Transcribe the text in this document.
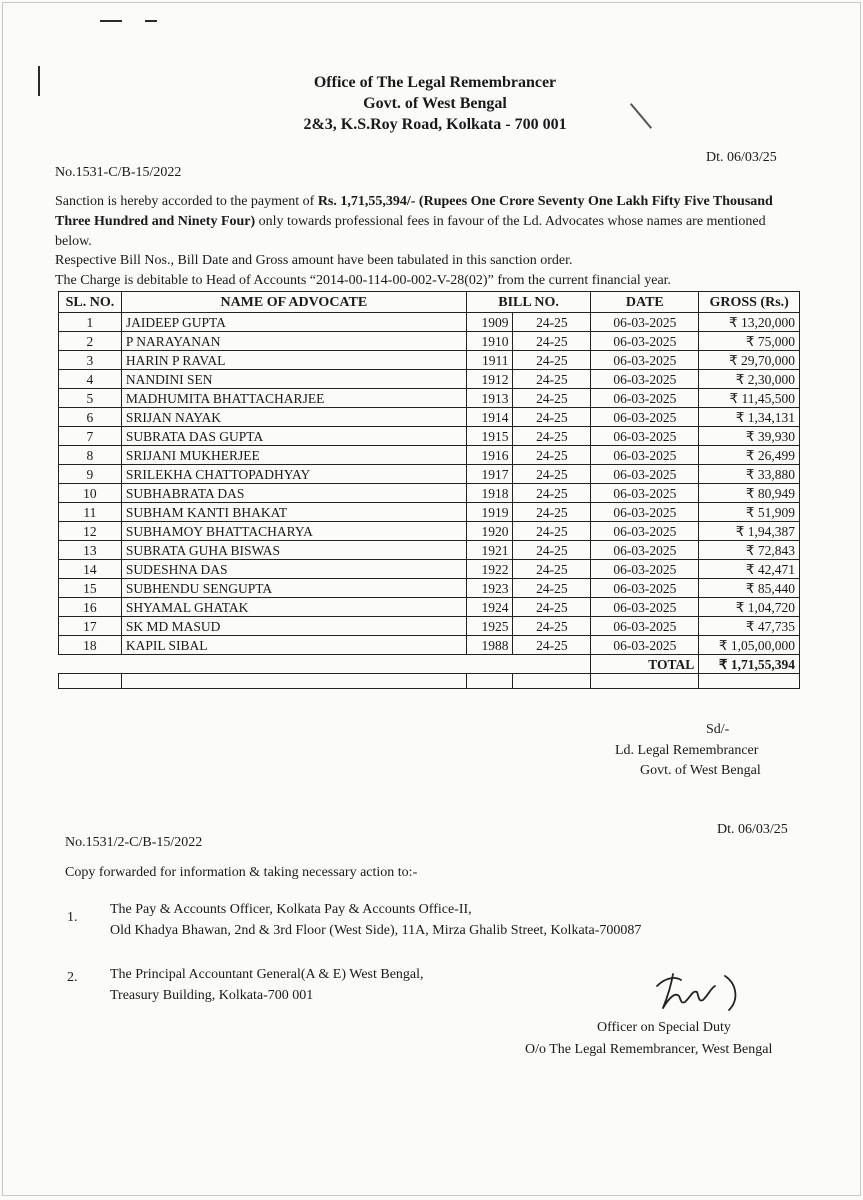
Office of The Legal Remembrancer
Govt. of West Bengal
2&3, K.S.Roy Road, Kolkata - 700 001
No.1531-C/B-15/2022
Dt. 06/03/25
Sanction is hereby accorded to the payment of Rs. 1,71,55,394/- (Rupees One Crore Seventy One Lakh Fifty Five Thousand Three Hundred and Ninety Four) only towards professional fees in favour of the Ld. Advocates whose names are mentioned below.
Respective Bill Nos., Bill Date and Gross amount have been tabulated in this sanction order.
The Charge is debitable to Head of Accounts “2014-00-114-00-002-V-28(02)” from the current financial year.
SL. NO.	NAME OF ADVOCATE	BILL NO.		DATE	GROSS (Rs.)
1	JAIDEEP GUPTA	1909	24-25	06-03-2025	₹ 13,20,000
2	P NARAYANAN	1910	24-25	06-03-2025	₹ 75,000
3	HARIN P RAVAL	1911	24-25	06-03-2025	₹ 29,70,000
4	NANDINI SEN	1912	24-25	06-03-2025	₹ 2,30,000
5	MADHUMITA BHATTACHARJEE	1913	24-25	06-03-2025	₹ 11,45,500
6	SRIJAN NAYAK	1914	24-25	06-03-2025	₹ 1,34,131
7	SUBRATA DAS GUPTA	1915	24-25	06-03-2025	₹ 39,930
8	SRIJANI MUKHERJEE	1916	24-25	06-03-2025	₹ 26,499
9	SRILEKHA CHATTOPADHYAY	1917	24-25	06-03-2025	₹ 33,880
10	SUBHABRATA DAS	1918	24-25	06-03-2025	₹ 80,949
11	SUBHAM KANTI BHAKAT	1919	24-25	06-03-2025	₹ 51,909
12	SUBHAMOY BHATTACHARYA	1920	24-25	06-03-2025	₹ 1,94,387
13	SUBRATA GUHA BISWAS	1921	24-25	06-03-2025	₹ 72,843
14	SUDESHNA DAS	1922	24-25	06-03-2025	₹ 42,471
15	SUBHENDU SENGUPTA	1923	24-25	06-03-2025	₹ 85,440
16	SHYAMAL GHATAK	1924	24-25	06-03-2025	₹ 1,04,720
17	SK MD MASUD	1925	24-25	06-03-2025	₹ 47,735
18	KAPIL SIBAL	1988	24-25	06-03-2025	₹ 1,05,00,000
				TOTAL	₹ 1,71,55,394

Sd/-
Ld. Legal Remembrancer
Govt. of West Bengal
No.1531/2-C/B-15/2022
Dt. 06/03/25
Copy forwarded for information & taking necessary action to:-
1.
The Pay & Accounts Officer, Kolkata Pay & Accounts Office-II,
Old Khadya Bhawan, 2nd & 3rd Floor (West Side), 11A, Mirza Ghalib Street, Kolkata-700087
2. The Principal Accountant General(A & E) West Bengal,
Treasury Building, Kolkata-700 001
Officer on Special Duty
O/o The Legal Remembrancer, West Bengal
